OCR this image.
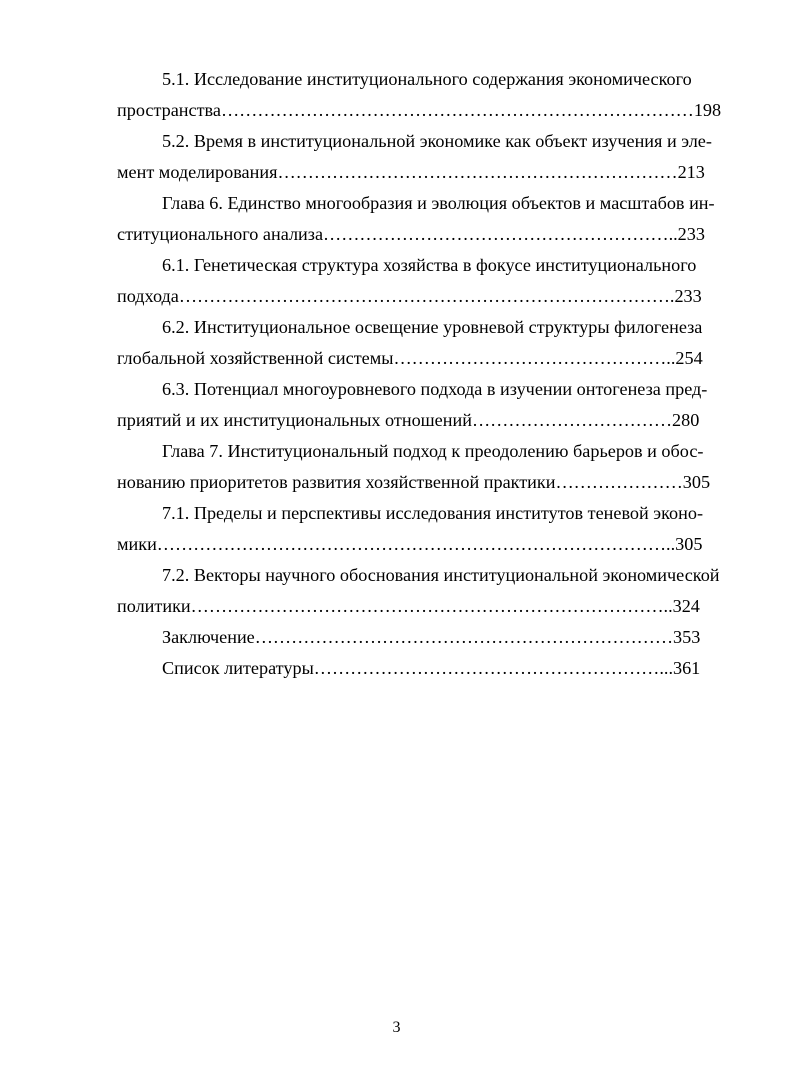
5.1. Исследование институционального содержания экономического
пространства……………………………………………………………………198

5.2. Время в институциональной экономике как объект изучения и эле-
мент моделирования…………………………………………………………213

Глава 6. Единство многообразия и эволюция объектов и масштабов ин-
ституционального анализа…………………………………………………..233

6.1. Генетическая структура хозяйства в фокусе институционального
подхода……………………………………………………………………….233

6.2. Институциональное освещение уровневой структуры филогенеза
глобальной хозяйственной системы………………………………………..254

6.3. Потенциал многоуровневого подхода в изучении онтогенеза пред-
приятий и их институциональных отношений……………………………280

Глава 7. Институциональный подход к преодолению барьеров и обос-
нованию приоритетов развития хозяйственной практики…………………305

7.1. Пределы и перспективы исследования институтов теневой эконо-
мики…………………………………………………………………………..305

7.2. Векторы научного обоснования институциональной экономической
политики……………………………………………………………………..324

Заключение……………………………………………………………353

Список литературы…………………………………………………...361

3
